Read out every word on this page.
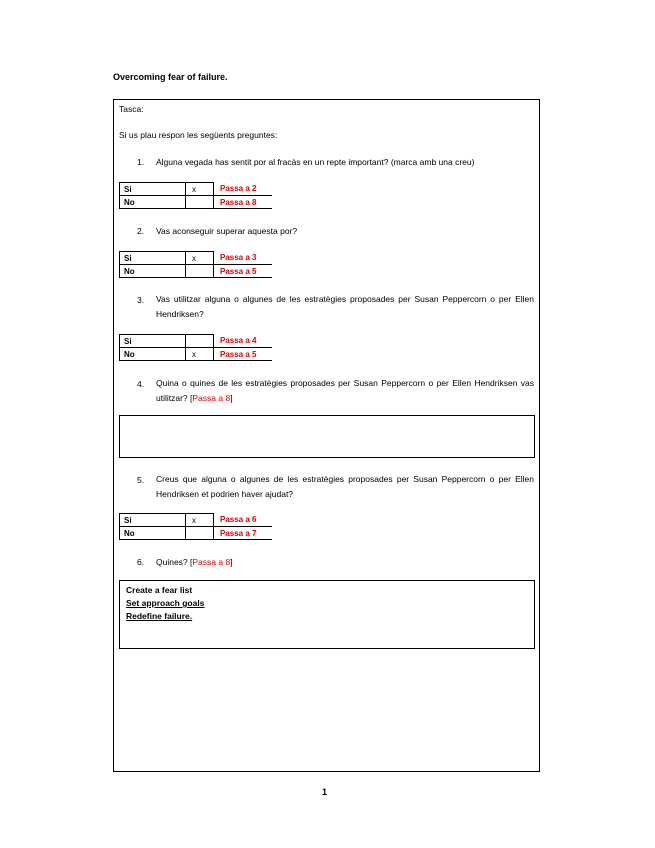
Overcoming fear of failure.
Tasca:
Si us plau respon les següents preguntes:
1. Alguna vegada has sentit por al fracàs en un repte important? (marca amb una creu)
Si	x	Passa a 2
No		Passa a 8
2. Vas aconseguir superar aquesta por?
Si	x	Passa a 3
No		Passa a 5
3. Vas utilitzar alguna o algunes de les estratègies proposades per Susan Peppercorn o per Ellen Hendriksen?
Si		Passa a 4
No	x	Passa a 5
4. Quina o quines de les estratègies proposades per Susan Peppercorn o per Ellen Hendriksen vas utilitzar? [Passa a 8]
5. Creus que alguna o algunes de les estratègies proposades per Susan Peppercorn o per Ellen Hendriksen et podrien haver ajudat?
Si	x	Passa a 6
No		Passa a 7
6. Quines? [Passa a 8]
Create a fear list
Set approach goals
Redefine failure.
1
